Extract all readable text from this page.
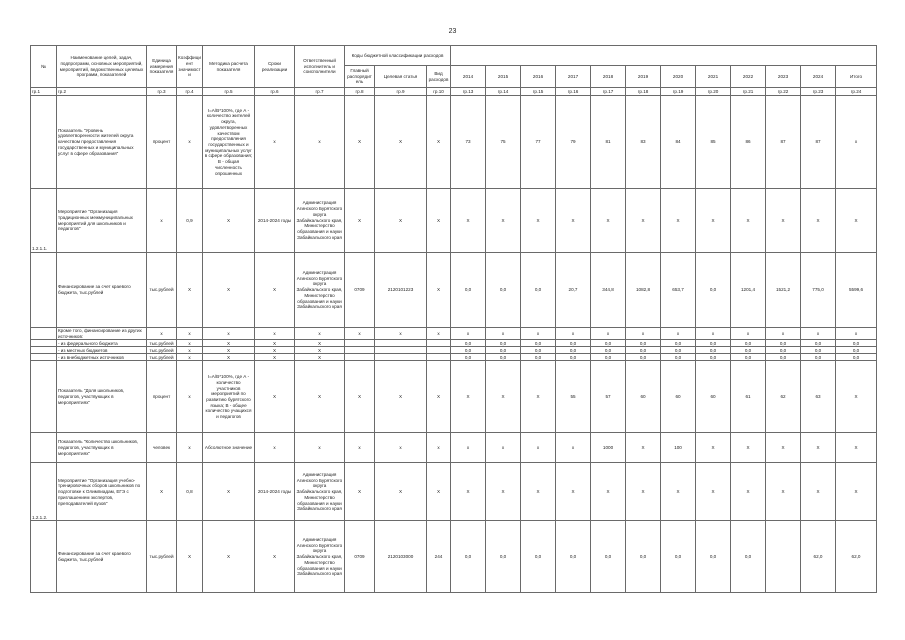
23
№	Наименование целей, задач, подпрограмм, основных мероприятий, мероприятий, ведомственных целевых программ, показателей	Единица измерения показателя	Коэффициент значимости	Методика расчета показателя	Сроки реализации	Ответственный исполнитель и соисполнители	Коды бюджетной классификации расходов														
							Главный распорядитель	Целевая статья	Вид расходов	2014	2015	2016	2017	2018	2019	2020	2021	2022	2023	2024	Итого
гр.1	гр.2	гр.3	гр.4	гр.5	гр.6	гр.7	гр.8	гр.9	гр.10	гр.13	гр.14	гр.15	гр.16	гр.17	гр.18	гр.19	гр.20	гр.21	гр.22	гр.23	гр.24
	Показатель "Уровень удовлетворенности жителей округа качеством предоставления государственных и муниципальных услуг в сфере образования"	процент	х	I=A/B*100%, где А - количество жителей округа, удовлетворенных качеством предоставления государственных и муниципальных услуг в сфере образования; В - общая численность опрошенных	х	х	Х	Х	Х	73	75	77	79	81	83	84	85	86	87	87	х
1.2.1.1.	Мероприятие "Организация традиционных межмуниципальных мероприятий для школьников и педагогов"	х	0,9	Х	2014-2024 годы	Администрация Агинского Бурятского округа Забайкальского края, Министерство образования и науки Забайкальского края	Х	Х	Х	Х	Х	Х	Х	Х	Х	Х	Х	Х	Х	Х	Х
	Финансирование за счет краевого бюджета, тыс.рублей	тыс.рублей	Х	Х	Х	Администрация Агинского Бурятского округа Забайкальского края, Министерство образования и науки Забайкальского края	0709	2120101223	Х	0,0	0,0	0,0	20,7	344,8	1082,8	653,7	0,0	1201,4	1521,2	775,0	5599,6
	Кроме того, финансирование из других источников:	х	х	х	х	х	х	х	х	х	х	х	х	х	х	х	х	х	х	х	х
	- из федерального бюджета	тыс.рублей	х	Х	Х	Х				0,0	0,0	0,0	0,0	0,0	0,0	0,0	0,0	0,0	0,0	0,0	0,0
	- из местных бюджетов	тыс.рублей	х	Х	Х	Х				0,0	0,0	0,0	0,0	0,0	0,0	0,0	0,0	0,0	0,0	0,0	0,0
	- из внебюджетных источников	тыс.рублей	х	Х	Х	Х				0,0	0,0	0,0	0,0	0,0	0,0	0,0	0,0	0,0	0,0	0,0	0,0
	Показатель "Доля школьников, педагогов, участвующих в мероприятиях"	процент	х	I=A/B*100%, где А - количество участников мероприятий по развитию бурятского языка; В - общее количество учащихся и педагогов	Х	Х	Х	Х	Х	Х	Х	Х	55	57	60	60	60	61	62	63	Х
	Показатель "Количество школьников, педагогов, участвующих в мероприятиях"	человек	х	Абсолютное значение	х	х	х	х	х	х	х	х	х	1000	Х	100	Х	Х	Х	Х	Х
1.2.1.2.	Мероприятие "Организация учебно-тренировочных сборов школьников по подготовке к Олимпиадам, ЕГЭ с приглашением экспертов, преподавателей вузов"	Х	0,8	Х	2014-2024 годы	Администрация Агинского Бурятского округа Забайкальского края, Министерство образования и науки Забайкальского края	Х	Х	Х	Х	Х	Х	Х	Х	Х	Х	Х	Х	Х	Х	Х
	Финансирование за счет краевого бюджета, тыс.рублей	тыс.рублей	Х	Х	Х	Администрация Агинского Бурятского округа Забайкальского края, Министерство образования и науки Забайкальского края	0709	2120103000	244	0,0	0,0	0,0	0,0	0,0	0,0	0,0	0,0	0,0		62,0	62,0
